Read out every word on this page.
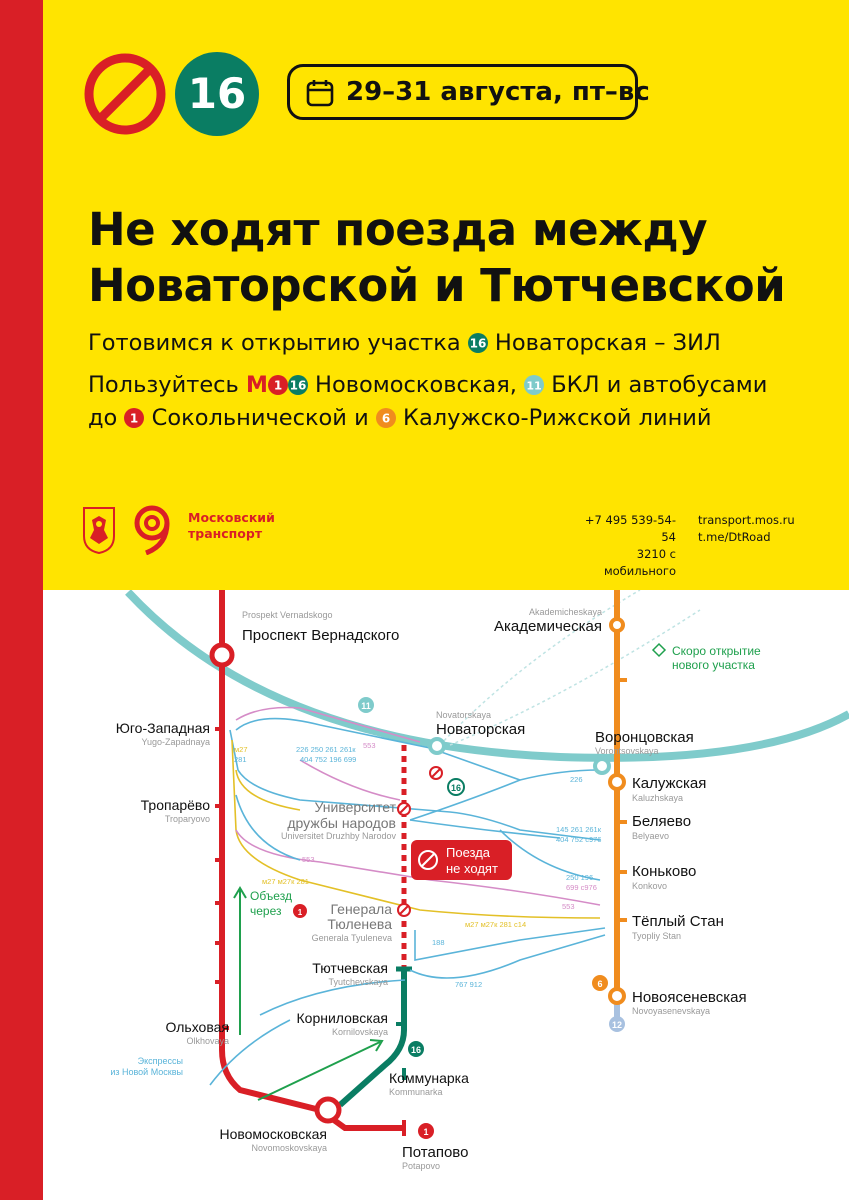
16	29–31 августа, пт–вс
Не ходят поезда между
Новаторской и Тютчевской
Готовимся к открытию участка 16 Новаторская – ЗИЛ
Пользуйтесь М 1 16 Новомосковская, 11 БКЛ и автобусами
до 1 Сокольнической и 6 Калужско-Рижской линий
Московский
транспорт
+7 495 539-54-54
3210 с мобильного
transport.mos.ru
t.me/DtRoad
11
16
16
1
6
12
1
Поезда
не ходят
Prospekt Vernadskogo
Проспект Вернадского
Akademicheskaya
Академическая
Novatorskaya
Новаторская	Воронцовская
Vorontsovskaya
Юго-Западная
Yugo-Zapadnaya
Калужская
Kaluzhskaya
Тропарёво
Troparyovo
Университет
дружбы народов
Universitet Druzhby Narodov
Беляево
Belyaevo
Коньково
Konkovo
Генерала
Тюленева
Generala Tyuleneva
Тёплый Стан
Tyopliy Stan
Тютчевская
Tyutchevskaya
Новоясеневская
Novoyasenevskaya
Ольховая
Olkhovaya
Корниловская
Kornilovskaya
Коммунарка
Kommunarka
Новомосковская
Novomoskovskaya	Потапово
Potapovo
Скоро открытие
нового участка
Объезд
через
Экспрессы
из Новой Москвы
553
226 250 261 261к
404 752 196 699
м27
281
226
145 261 261к
404 752 с976
553
м27 м27к 281	250 196
699 с976
553
м27 м27к 281 с14
188
767 912
